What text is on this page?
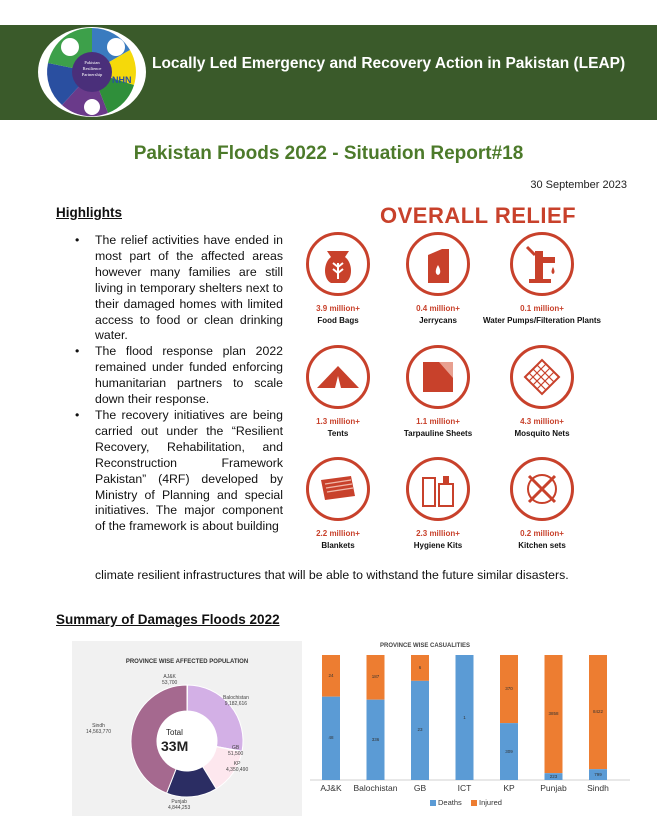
Pakistan
Resilience
Partnership
NHN
Locally Led Emergency and Recovery Action in Pakistan (LEAP)
Pakistan Floods 2022 - Situation Report#18
30 September 2023
Highlights
• The relief activities have ended in most part of the affected areas however many families are still living in temporary shelters next to their damaged homes with limited access to food or clean drinking water.
• The flood response plan 2022 remained under funded enforcing humanitarian partners to scale down their response.
• The recovery initiatives are being carried out under the “Resilient Recovery, Rehabilitation, and Reconstruction Framework Pakistan” (4RF) developed by Ministry of Planning and special initiatives. The major component of the framework is about building
climate resilient infrastructures that will be able to withstand the future similar disasters.
OVERALL RELIEF
3.9 million+
Food Bags
0.4 million+
Jerrycans
0.1 million+
Water Pumps/Filteration Plants
1.3 million+
Tents
1.1 million+
Tarpauline Sheets
4.3 million+
Mosquito Nets
2.2 million+
Blankets
2.3 million+
Hygiene Kits
0.2 million+
Kitchen sets
Summary of Damages Floods 2022
PROVINCE WISE AFFECTED POPULATION
Total
33M
AJ&K
53,700
Balochistan
9,182,616
GB
51,500
KP
4,350,490
Punjab
4,844,253
Sindh
14,563,770
PROVINCE WISE CASUALITIES
AJ&K	Balochistan	GB	ICT	KP	Punjab	Sindh
24
48
187
336
6
23
1
370
309
3858
223
8422
799
Deaths	Injured
